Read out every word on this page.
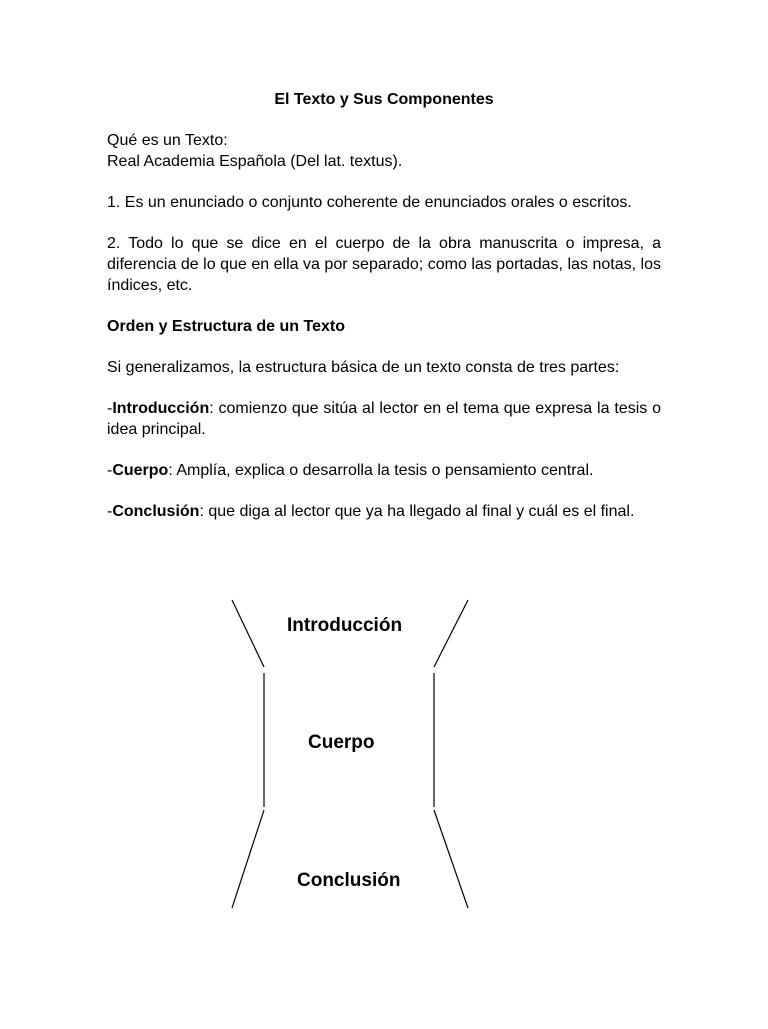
El Texto y Sus Componentes

Qué es un Texto:
Real Academia Española (Del lat. textus).

1. Es un enunciado o conjunto coherente de enunciados orales o escritos.

2. Todo lo que se dice en el cuerpo de la obra manuscrita o impresa, a diferencia de lo que en ella va por separado; como las portadas, las notas, los índices, etc.

Orden y Estructura de un Texto

Si generalizamos, la estructura básica de un texto consta de tres partes:

-Introducción: comienzo que sitúa al lector en el tema que expresa la tesis o idea principal.

-Cuerpo: Amplía, explica o desarrolla la tesis o pensamiento central.

-Conclusión: que diga al lector que ya ha llegado al final y cuál es el final.

Introducción
Cuerpo
Conclusión
